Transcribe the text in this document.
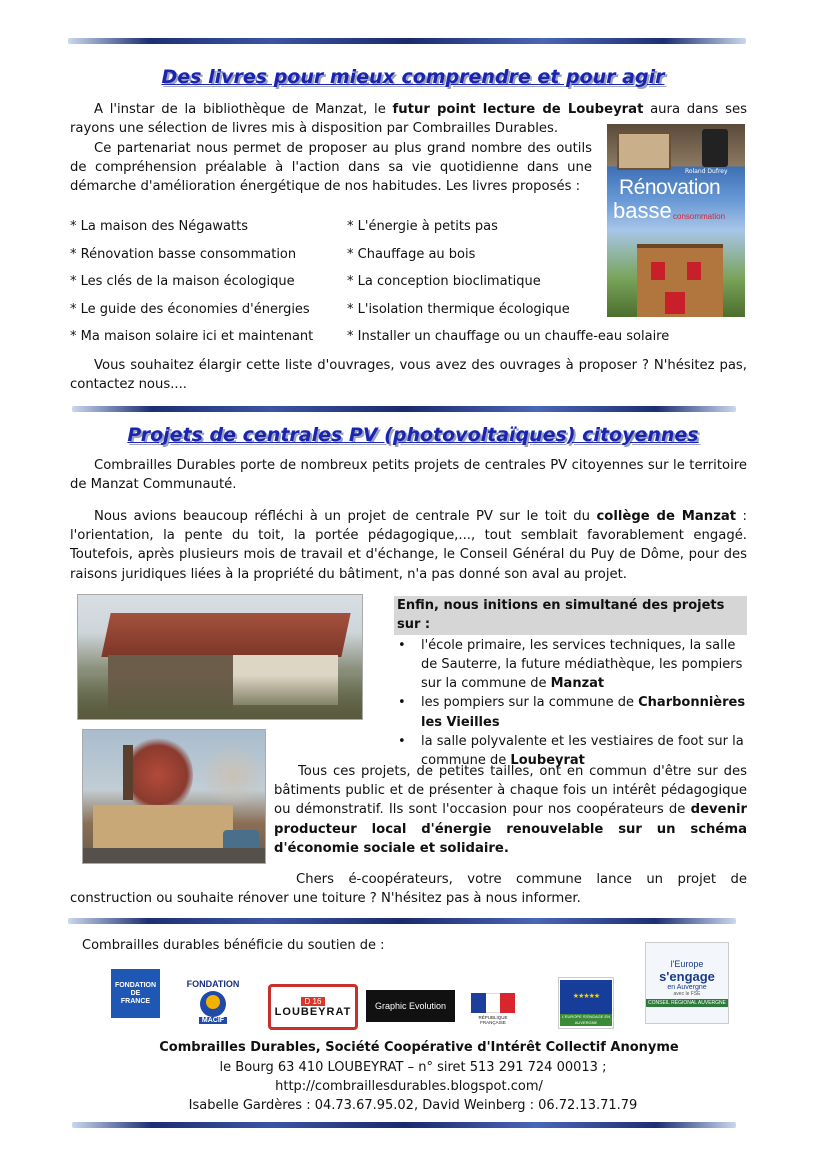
Des livres pour mieux comprendre et pour agir
A l'instar de la bibliothèque de Manzat, le futur point lecture de Loubeyrat aura dans ses rayons une sélection de livres mis à disposition par Combrailles Durables.
Ce partenariat nous permet de proposer au plus grand nombre des outils de compréhension préalable à l'action dans sa vie quotidienne dans une démarche d'amélioration énergétique de nos habitudes. Les livres proposés :
Roland Dufrey
Rénovation
basse consommation
* La maison des Négawatts
* Rénovation basse consommation
* Les clés de la maison écologique
* Le guide des économies d'énergies
* Ma maison solaire ici et maintenant
* L'énergie à petits pas
* Chauffage au bois
* La conception bioclimatique
* L'isolation thermique écologique
* Installer un chauffage ou un chauffe-eau solaire
Vous souhaitez élargir cette liste d'ouvrages, vous avez des ouvrages à proposer ? N'hésitez pas, contactez nous....
Projets de centrales PV (photovoltaïques) citoyennes
Combrailles Durables porte de nombreux petits projets de centrales PV citoyennes sur le territoire de Manzat Communauté.
Nous avions beaucoup réfléchi à un projet de centrale PV sur le toit du collège de Manzat : l'orientation, la pente du toit, la portée pédagogique,..., tout semblait favorablement engagé. Toutefois, après plusieurs mois de travail et d'échange, le Conseil Général du Puy de Dôme, pour des raisons juridiques liées à la propriété du bâtiment, n'a pas donné son aval au projet.
Enfin, nous initions en simultané des projets sur :
• l'école primaire, les services techniques, la salle de Sauterre, la future médiathèque, les pompiers sur la commune de Manzat
• les pompiers sur la commune de Charbonnières les Vieilles
• la salle polyvalente et les vestiaires de foot sur la commune de Loubeyrat
Tous ces projets, de petites tailles, ont en commun d'être sur des bâtiments public et de présenter à chaque fois un intérêt pédagogique ou démonstratif. Ils sont l'occasion pour nos coopérateurs de devenir producteur local d'énergie renouvelable sur un schéma d'économie sociale et solidaire.
Chers é-coopérateurs, votre commune lance un projet de construction ou souhaite rénover une toiture ? N'hésitez pas à nous informer.
Combrailles durables bénéficie du soutien de :
FONDATION
DE
FRANCE
FONDATION
MACIF
D 16
LOUBEYRAT	Graphic Evolution
RÉPUBLIQUE FRANÇAISE
★★★★★
L'EUROPE S'ENGAGE EN AUVERGNE
l'Europe
s'engage
en Auvergne
avec le FSE
CONSEIL RÉGIONAL AUVERGNE
Combrailles Durables, Société Coopérative d'Intérêt Collectif Anonyme
le Bourg 63 410 LOUBEYRAT – n° siret 513 291 724 00013 ;
http://combraillesdurables.blogspot.com/
Isabelle Gardères : 04.73.67.95.02, David Weinberg : 06.72.13.71.79
